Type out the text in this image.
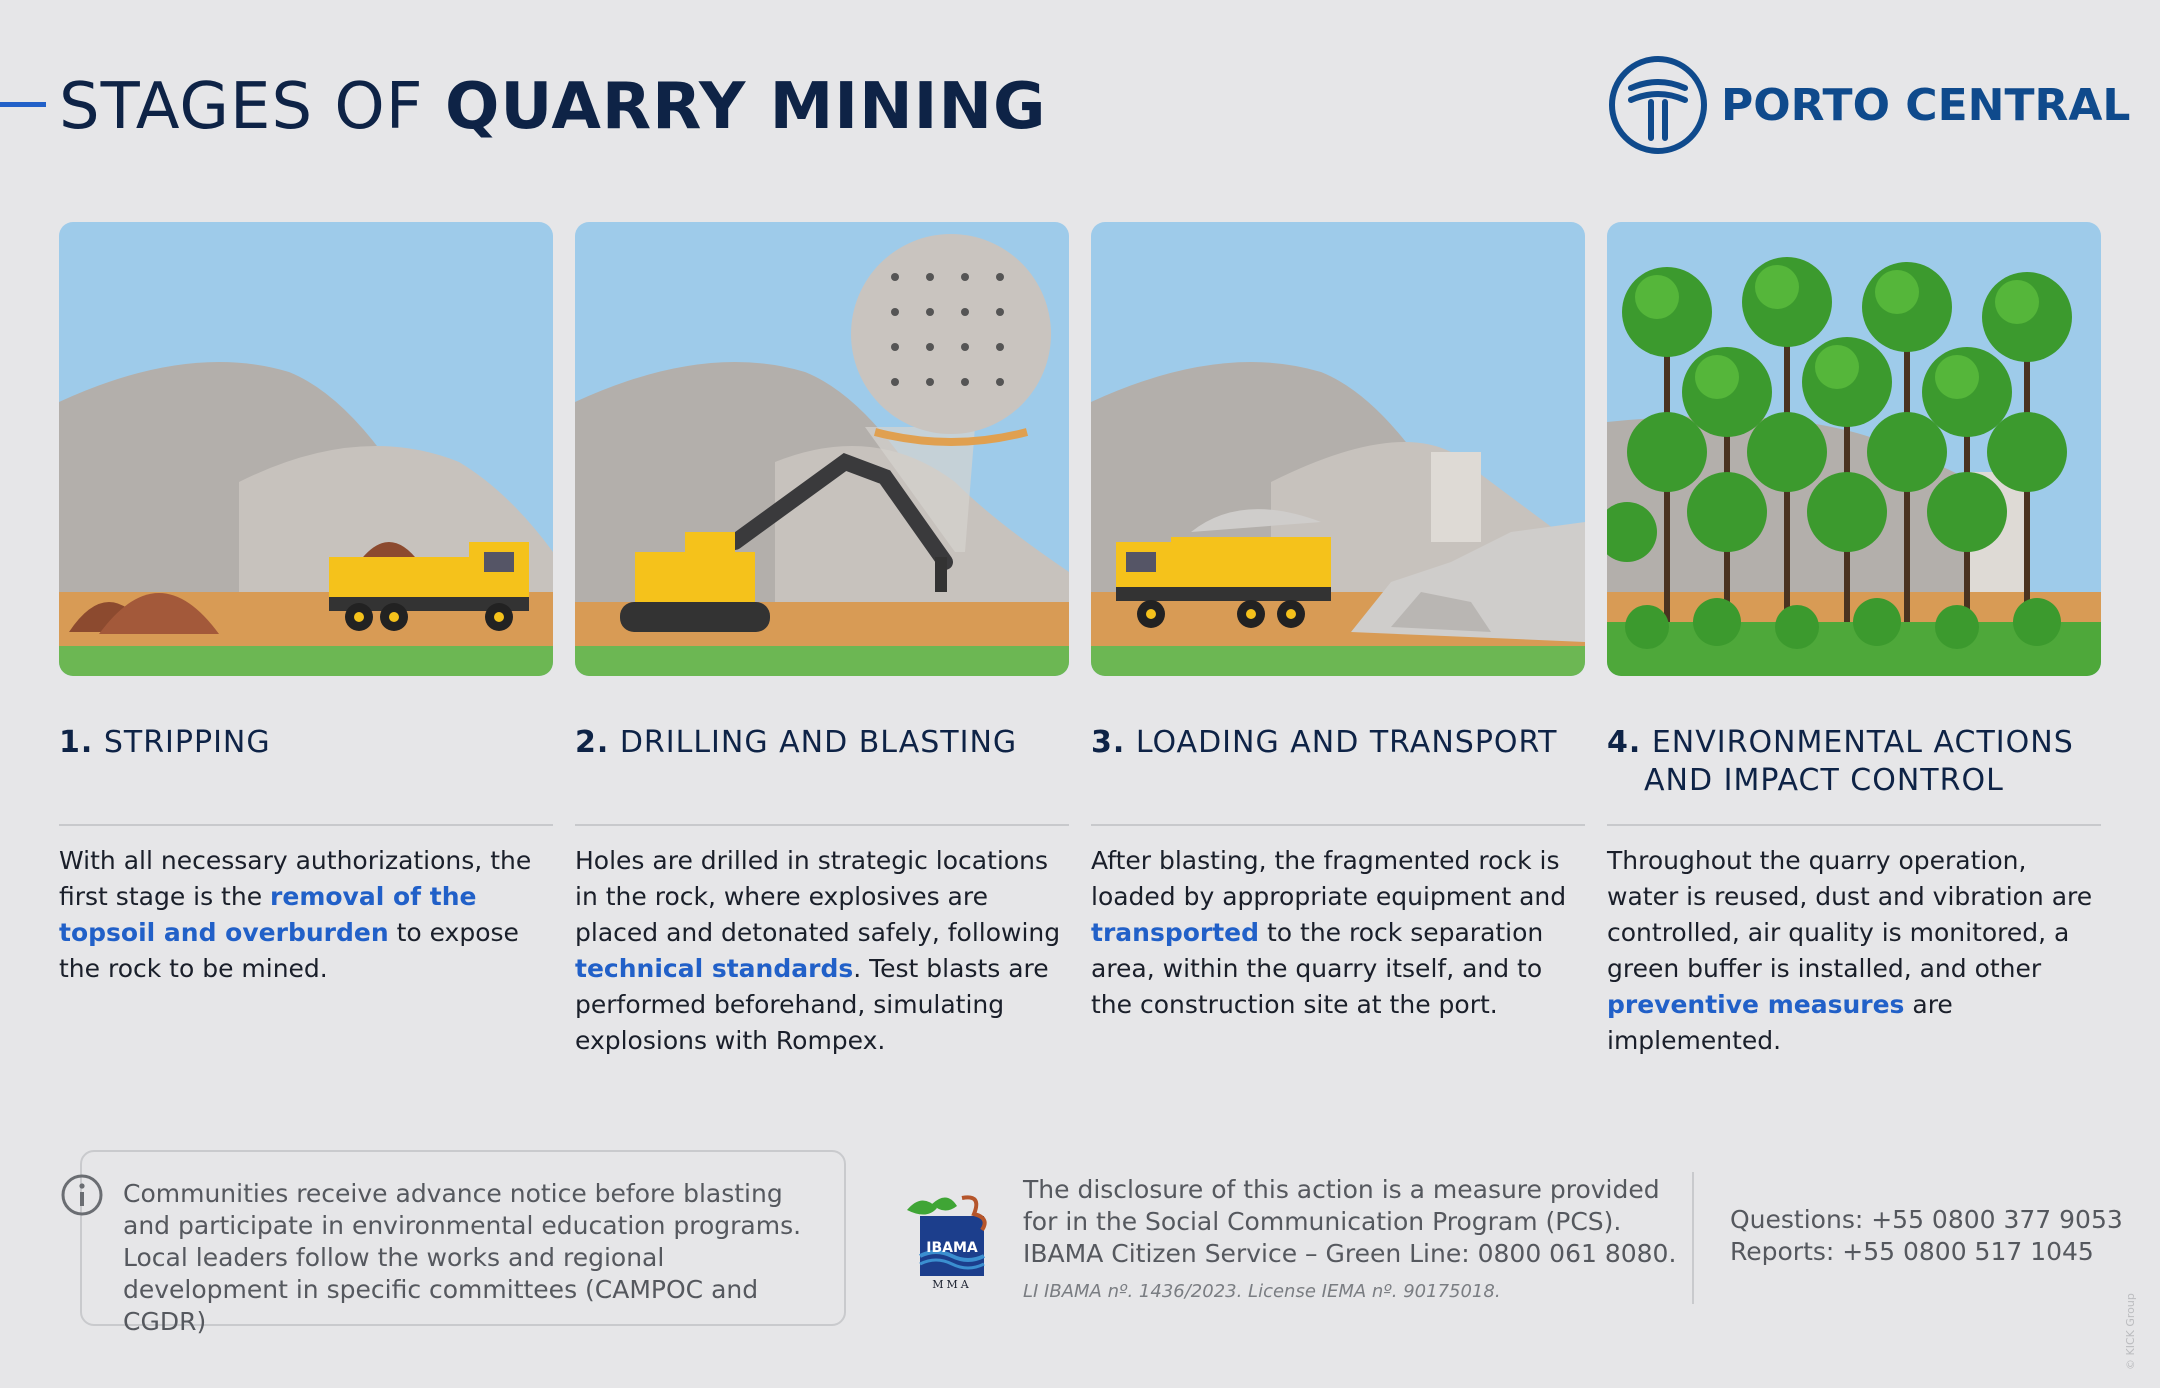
STAGES OF QUARRY MINING	PORTO CENTRAL
1. STRIPPING

With all necessary authorizations, the first stage is the removal of the topsoil and overburden to expose the rock to be mined.

2. DRILLING AND BLASTING

Holes are drilled in strategic locations in the rock, where explosives are placed and detonated safely, following technical standards. Test blasts are performed beforehand, simulating explosions with Rompex.

3. LOADING AND TRANSPORT

After blasting, the fragmented rock is loaded by appropriate equipment and transported to the rock separation area, within the quarry itself, and to the construction site at the port.

4. ENVIRONMENTAL ACTIONS
AND IMPACT CONTROL

Throughout the quarry operation, water is reused, dust and vibration are controlled, air quality is monitored, a green buffer is installed, and other preventive measures are implemented.

Communities receive advance notice before blasting and participate in environmental education programs. Local leaders follow the works and regional development in specific committees (CAMPOC and CGDR)

IBAMA
MMA
The disclosure of this action is a measure provided for in the Social Communication Program (PCS). IBAMA Citizen Service – Green Line: 0800 061 8080.
LI IBAMA nº. 1436/2023. License IEMA nº. 90175018.
Questions: +55 0800 377 9053
Reports: +55 0800 517 1045
© KICK Group
